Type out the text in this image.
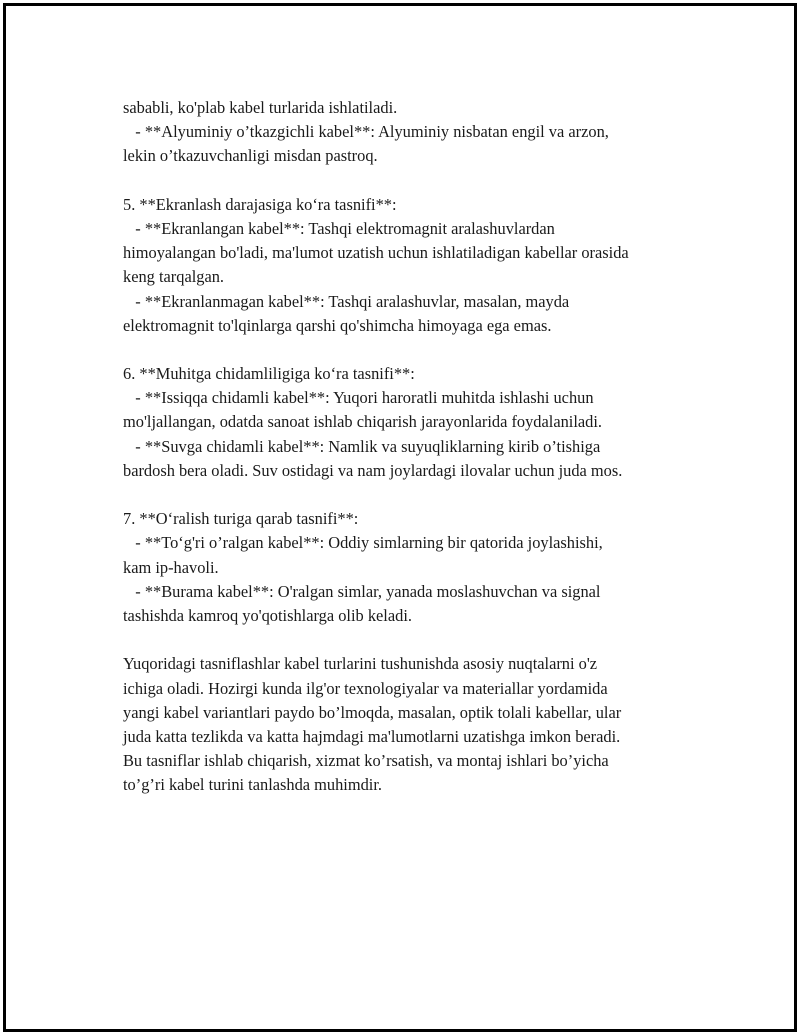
sababli, ko'plab kabel turlarida ishlatiladi.
- **Alyuminiy o’tkazgichli kabel**: Alyuminiy nisbatan engil va arzon,
lekin o’tkazuvchanligi misdan pastroq.
5. **Ekranlash darajasiga ko‘ra tasnifi**:
- **Ekranlangan kabel**: Tashqi elektromagnit aralashuvlardan
himoyalangan bo'ladi, ma'lumot uzatish uchun ishlatiladigan kabellar orasida
keng tarqalgan.
- **Ekranlanmagan kabel**: Tashqi aralashuvlar, masalan, mayda
elektromagnit to'lqinlarga qarshi qo'shimcha himoyaga ega emas.
6. **Muhitga chidamliligiga ko‘ra tasnifi**:
- **Issiqqa chidamli kabel**: Yuqori haroratli muhitda ishlashi uchun
mo'ljallangan, odatda sanoat ishlab chiqarish jarayonlarida foydalaniladi.
- **Suvga chidamli kabel**: Namlik va suyuqliklarning kirib o’tishiga
bardosh bera oladi. Suv ostidagi va nam joylardagi ilovalar uchun juda mos.
7. **O‘ralish turiga qarab tasnifi**:
- **To‘g'ri o’ralgan kabel**: Oddiy simlarning bir qatorida joylashishi,
kam ip-havoli.
- **Burama kabel**: O'ralgan simlar, yanada moslashuvchan va signal
tashishda kamroq yo'qotishlarga olib keladi.
Yuqoridagi tasniflashlar kabel turlarini tushunishda asosiy nuqtalarni o'z
ichiga oladi. Hozirgi kunda ilg'or texnologiyalar va materiallar yordamida
yangi kabel variantlari paydo bo’lmoqda, masalan, optik tolali kabellar, ular
juda katta tezlikda va katta hajmdagi ma'lumotlarni uzatishga imkon beradi.
Bu tasniflar ishlab chiqarish, xizmat ko’rsatish, va montaj ishlari bo’yicha
to’g’ri kabel turini tanlashda muhimdir.
